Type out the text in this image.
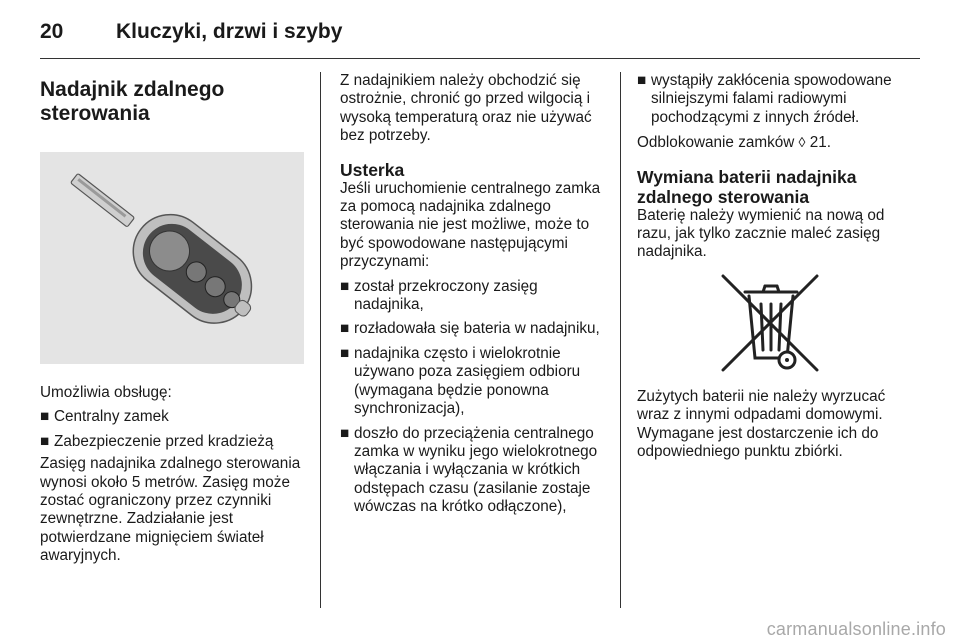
20	Kluczyki, drzwi i szyby
Nadajnik zdalnego sterowania

Umożliwia obsługę:

■ Centralny zamek
■ Zabezpieczenie przed kradzieżą

Zasięg nadajnika zdalnego sterowania wynosi około 5 metrów. Zasięg może zostać ograniczony przez czynniki zewnętrzne. Zadziałanie jest potwierdzane mignięciem świateł awaryjnych.

Z nadajnikiem należy obchodzić się ostrożnie, chronić go przed wilgocią i wysoką temperaturą oraz nie używać bez potrzeby.

Usterka

Jeśli uruchomienie centralnego zamka za pomocą nadajnika zdalnego sterowania nie jest możliwe, może to być spowodowane następującymi przyczynami:

■ został przekroczony zasięg nadajnika,
■ rozładowała się bateria w nadajniku,
■ nadajnika często i wielokrotnie używano poza zasięgiem odbioru (wymagana będzie ponowna synchronizacja),
■ doszło do przeciążenia centralnego zamka w wyniku jego wielokrotnego włączania i wyłączania w krótkich odstępach czasu (zasilanie zostaje wówczas na krótko odłączone),
■ wystąpiły zakłócenia spowodowane silniejszymi falami radiowymi pochodzącymi z innych źródeł.

Odblokowanie zamków ◊ 21.

Wymiana baterii nadajnika zdalnego sterowania

Baterię należy wymienić na nową od razu, jak tylko zacznie maleć zasięg nadajnika.

Zużytych baterii nie należy wyrzucać wraz z innymi odpadami domowymi. Wymagane jest dostarczenie ich do odpowiedniego punktu zbiórki.

carmanualsonline.info
